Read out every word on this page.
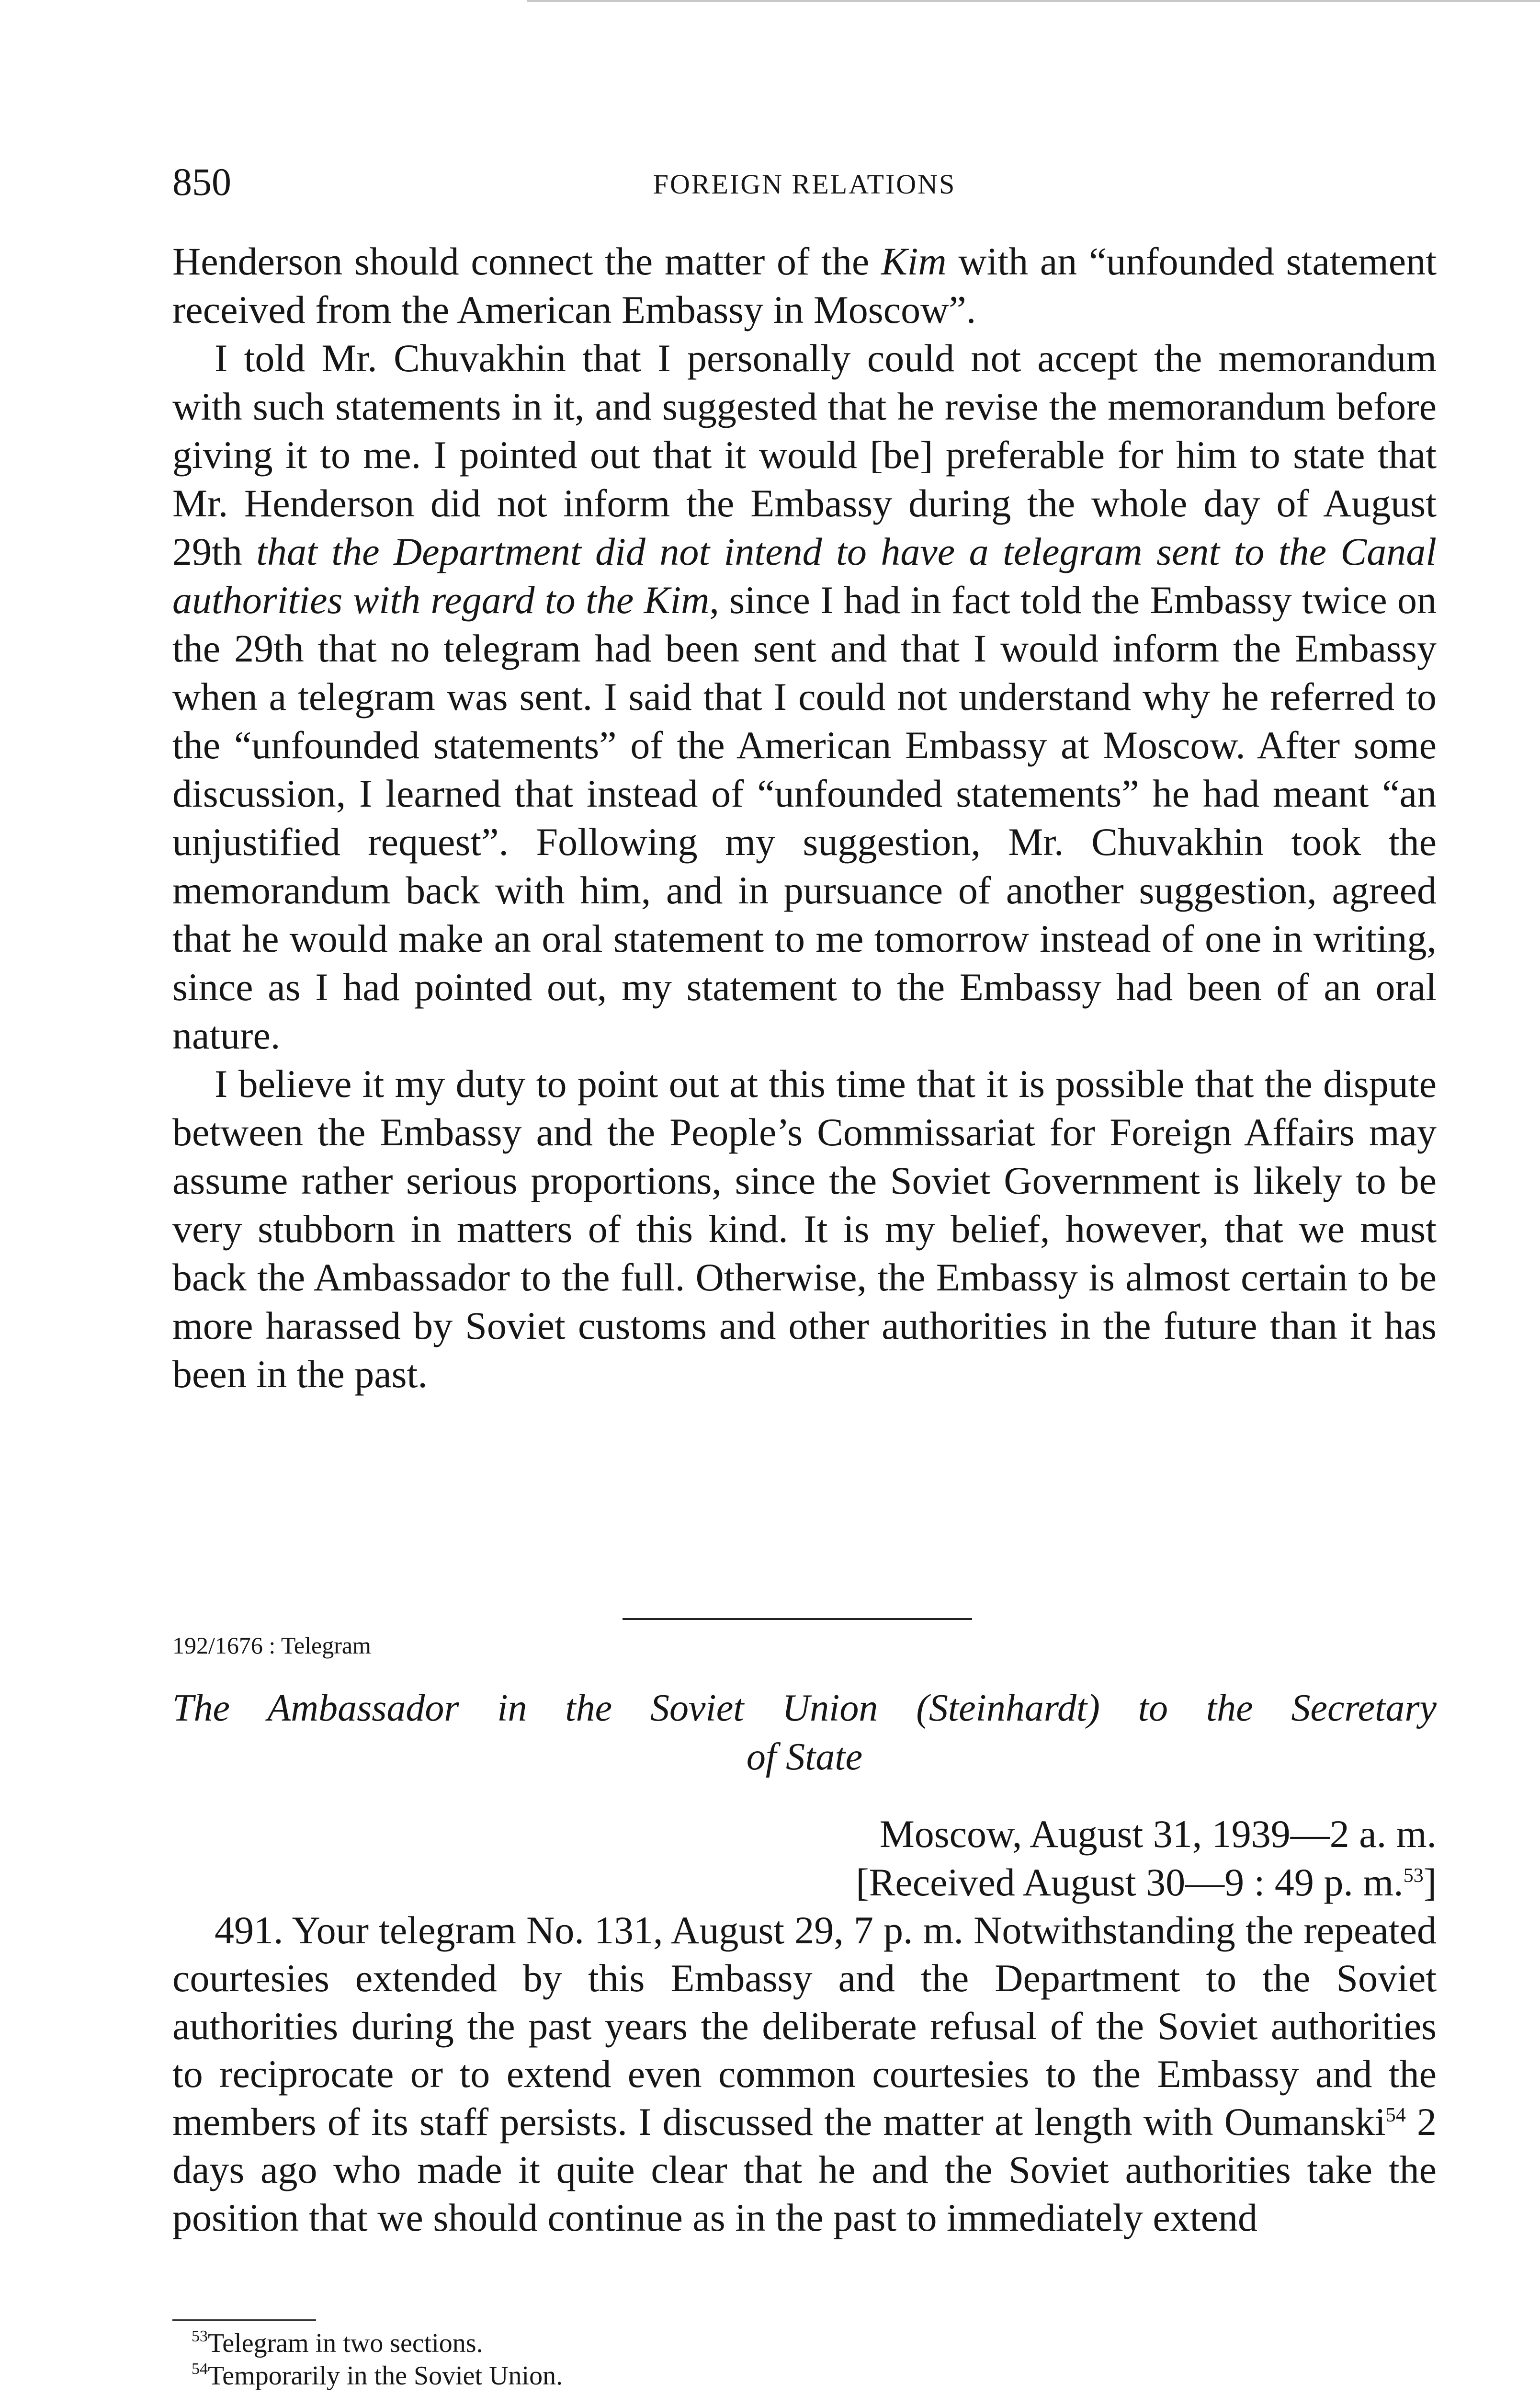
850	FOREIGN RELATIONS

Henderson should connect the matter of the Kim with an “unfounded statement received from the American Embassy in Moscow”.

I told Mr. Chuvakhin that I personally could not accept the memorandum with such statements in it, and suggested that he revise the memorandum before giving it to me. I pointed out that it would [be] preferable for him to state that Mr. Henderson did not inform the Embassy during the whole day of August 29th that the Department did not intend to have a telegram sent to the Canal authorities with regard to the Kim, since I had in fact told the Embassy twice on the 29th that no telegram had been sent and that I would inform the Embassy when a telegram was sent. I said that I could not understand why he referred to the “unfounded statements” of the American Embassy at Moscow. After some discussion, I learned that instead of “unfounded statements” he had meant “an unjustified request”. Following my suggestion, Mr. Chuvakhin took the memorandum back with him, and in pursuance of another suggestion, agreed that he would make an oral statement to me tomorrow instead of one in writing, since as I had pointed out, my statement to the Embassy had been of an oral nature.

I believe it my duty to point out at this time that it is possible that the dispute between the Embassy and the People’s Commissariat for Foreign Affairs may assume rather serious proportions, since the Soviet Government is likely to be very stubborn in matters of this kind. It is my belief, however, that we must back the Ambassador to the full. Otherwise, the Embassy is almost certain to be more harassed by Soviet customs and other authorities in the future than it has been in the past.

192/1676 : Telegram
The Ambassador in the Soviet Union (Steinhardt) to the Secretary
of State
Moscow, August 31, 1939—2 a. m.
[Received August 30—9 : 49 p. m.$^{53}$]

491. Your telegram No. 131, August 29, 7 p. m. Notwithstanding the repeated courtesies extended by this Embassy and the Department to the Soviet authorities during the past years the deliberate refusal of the Soviet authorities to reciprocate or to extend even common courtesies to the Embassy and the members of its staff persists. I discussed the matter at length with Oumanski$^{54}$ 2 days ago who made it quite clear that he and the Soviet authorities take the position that we should continue as in the past to immediately extend

$^{53}$Telegram in two sections.
$^{54}$Temporarily in the Soviet Union.
